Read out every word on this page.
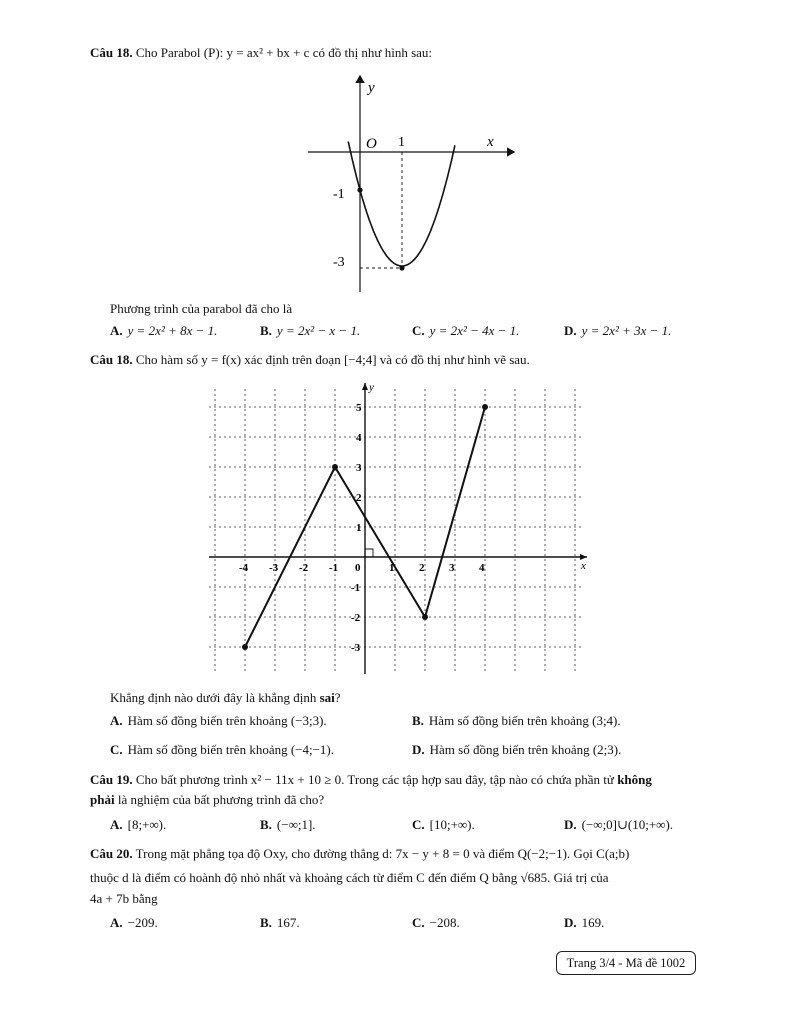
Câu 18. Cho Parabol (P): y = ax² + bx + c có đồ thị như hình sau:
y
x
O 1
-1
-3
Phương trình của parabol đã cho là
A. y = 2x² + 8x − 1.	B. y = 2x² − x − 1.	C. y = 2x² − 4x − 1.	D. y = 2x² + 3x − 1.
Câu 18. Cho hàm số y = f(x) xác định trên đoạn [−4;4] và có đồ thị như hình vẽ sau.
-4 -3 -2 -1 0	1 2 3 4
5
4
3
2
1
-1
-2
-3
x
y
Khẳng định nào dưới đây là khẳng định sai?
A. Hàm số đồng biến trên khoảng (−3;3).	B. Hàm số đồng biến trên khoảng (3;4).
C. Hàm số đồng biến trên khoảng (−4;−1).	D. Hàm số đồng biến trên khoảng (2;3).
Câu 19. Cho bất phương trình x² − 11x + 10 ≥ 0. Trong các tập hợp sau đây, tập nào có chứa phần tử không
phải là nghiệm của bất phương trình đã cho?
A. [8;+∞).	B. (−∞;1].	C. [10;+∞).	D. (−∞;0]∪(10;+∞).
Câu 20. Trong mặt phẳng tọa độ Oxy, cho đường thẳng d: 7x − y + 8 = 0 và điểm Q(−2;−1). Gọi C(a;b)
thuộc d là điểm có hoành độ nhỏ nhất và khoảng cách từ điểm C đến điểm Q bằng √685. Giá trị của
4a + 7b bằng
A. −209.	B. 167.	C. −208.	D. 169.
Trang 3/4 - Mã đề 1002
